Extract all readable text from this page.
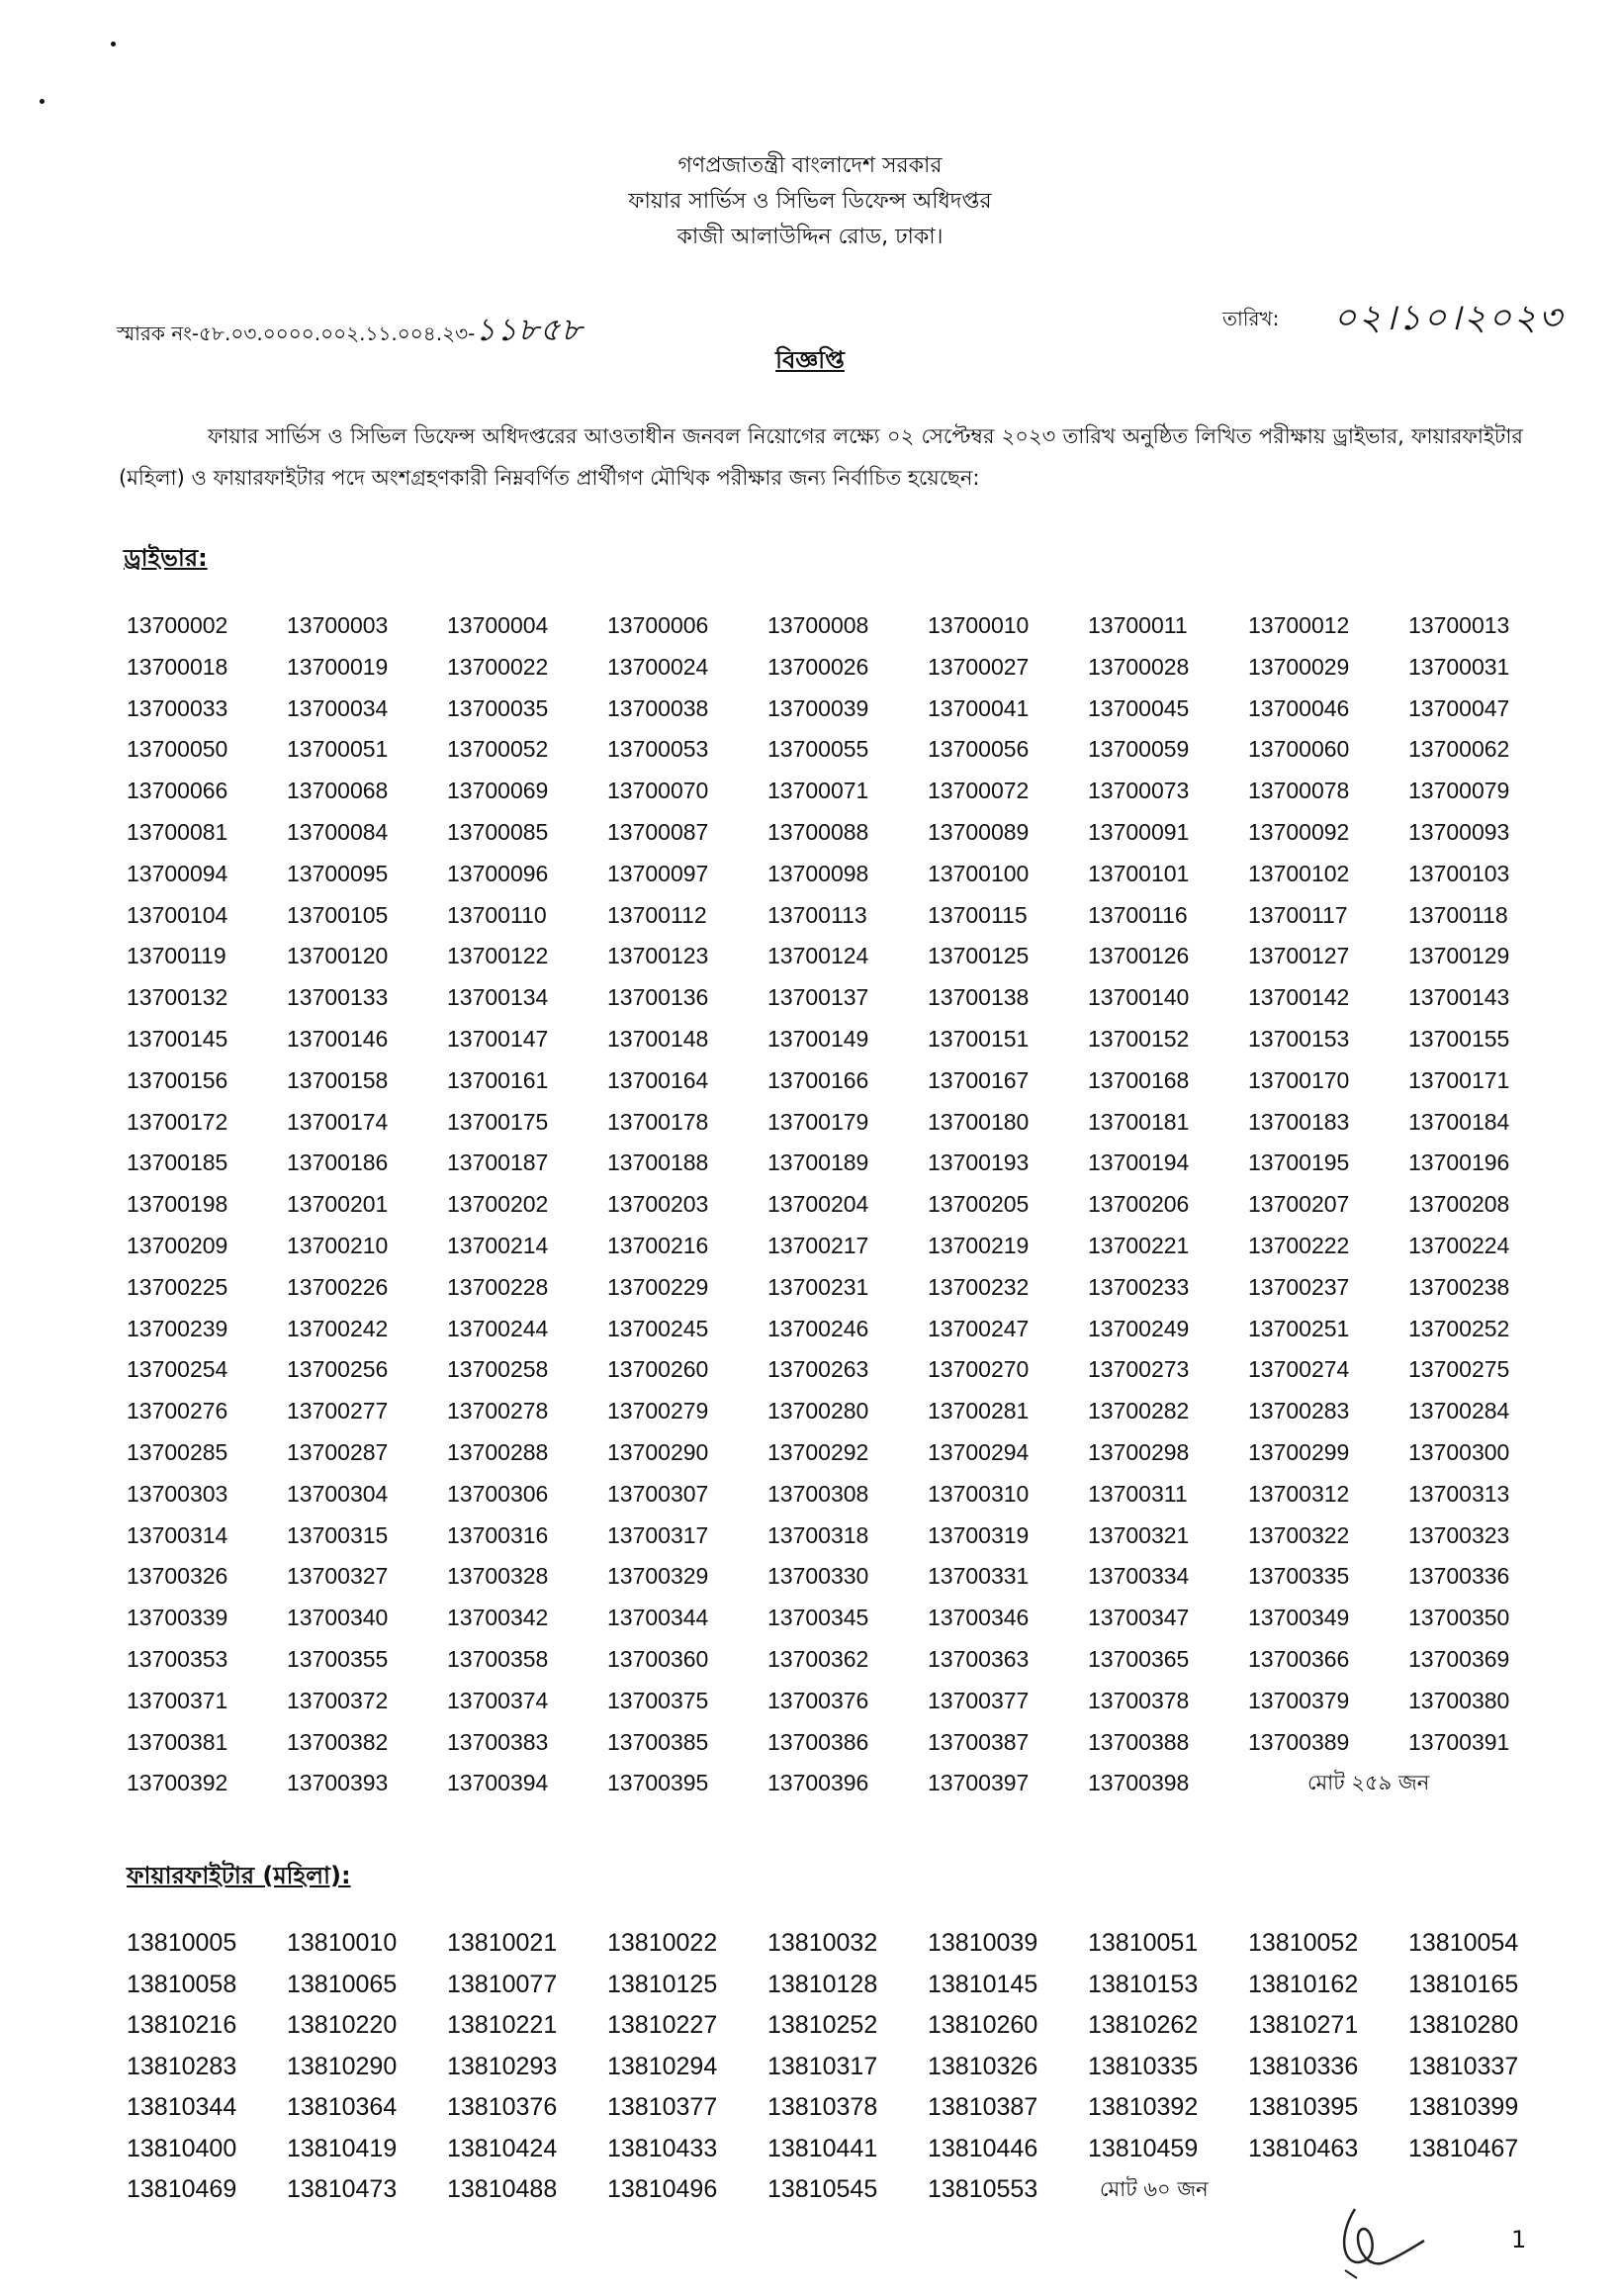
গণপ্রজাতন্ত্রী বাংলাদেশ সরকার
ফায়ার সার্ভিস ও সিভিল ডিফেন্স অধিদপ্তর
কাজী আলাউদ্দিন রোড, ঢাকা।
স্মারক নং-৫৮.০৩.০০০০.০০২.১১.০০৪.২৩-১১৮৫৮	তারিখ: ০২।১০।২০২৩
বিজ্ঞপ্তি
ফায়ার সার্ভিস ও সিভিল ডিফেন্স অধিদপ্তরের আওতাধীন জনবল নিয়োগের লক্ষ্যে ০২ সেপ্টেম্বর ২০২৩ তারিখ অনুষ্ঠিত লিখিত পরীক্ষায় ড্রাইভার, ফায়ারফাইটার (মহিলা) ও ফায়ারফাইটার পদে অংশগ্রহণকারী নিম্নবর্ণিত প্রার্থীগণ মৌখিক পরীক্ষার জন্য নির্বাচিত হয়েছেন:
ড্রাইভার:
13700002	13700003	13700004	13700006	13700008	13700010	13700011	13700012	13700013
13700018	13700019	13700022	13700024	13700026	13700027	13700028	13700029	13700031
13700033	13700034	13700035	13700038	13700039	13700041	13700045	13700046	13700047
13700050	13700051	13700052	13700053	13700055	13700056	13700059	13700060	13700062
13700066	13700068	13700069	13700070	13700071	13700072	13700073	13700078	13700079
13700081	13700084	13700085	13700087	13700088	13700089	13700091	13700092	13700093
13700094	13700095	13700096	13700097	13700098	13700100	13700101	13700102	13700103
13700104	13700105	13700110	13700112	13700113	13700115	13700116	13700117	13700118
13700119	13700120	13700122	13700123	13700124	13700125	13700126	13700127	13700129
13700132	13700133	13700134	13700136	13700137	13700138	13700140	13700142	13700143
13700145	13700146	13700147	13700148	13700149	13700151	13700152	13700153	13700155
13700156	13700158	13700161	13700164	13700166	13700167	13700168	13700170	13700171
13700172	13700174	13700175	13700178	13700179	13700180	13700181	13700183	13700184
13700185	13700186	13700187	13700188	13700189	13700193	13700194	13700195	13700196
13700198	13700201	13700202	13700203	13700204	13700205	13700206	13700207	13700208
13700209	13700210	13700214	13700216	13700217	13700219	13700221	13700222	13700224
13700225	13700226	13700228	13700229	13700231	13700232	13700233	13700237	13700238
13700239	13700242	13700244	13700245	13700246	13700247	13700249	13700251	13700252
13700254	13700256	13700258	13700260	13700263	13700270	13700273	13700274	13700275
13700276	13700277	13700278	13700279	13700280	13700281	13700282	13700283	13700284
13700285	13700287	13700288	13700290	13700292	13700294	13700298	13700299	13700300
13700303	13700304	13700306	13700307	13700308	13700310	13700311	13700312	13700313
13700314	13700315	13700316	13700317	13700318	13700319	13700321	13700322	13700323
13700326	13700327	13700328	13700329	13700330	13700331	13700334	13700335	13700336
13700339	13700340	13700342	13700344	13700345	13700346	13700347	13700349	13700350
13700353	13700355	13700358	13700360	13700362	13700363	13700365	13700366	13700369
13700371	13700372	13700374	13700375	13700376	13700377	13700378	13700379	13700380
13700381	13700382	13700383	13700385	13700386	13700387	13700388	13700389	13700391
13700392	13700393	13700394	13700395	13700396	13700397	13700398	মোট ২৫৯ জন
ফায়ারফাইটার (মহিলা):
13810005	13810010	13810021	13810022	13810032	13810039	13810051	13810052	13810054
13810058	13810065	13810077	13810125	13810128	13810145	13810153	13810162	13810165
13810216	13810220	13810221	13810227	13810252	13810260	13810262	13810271	13810280
13810283	13810290	13810293	13810294	13810317	13810326	13810335	13810336	13810337
13810344	13810364	13810376	13810377	13810378	13810387	13810392	13810395	13810399
13810400	13810419	13810424	13810433	13810441	13810446	13810459	13810463	13810467
13810469	13810473	13810488	13810496	13810545	13810553	মোট ৬০ জন
1
